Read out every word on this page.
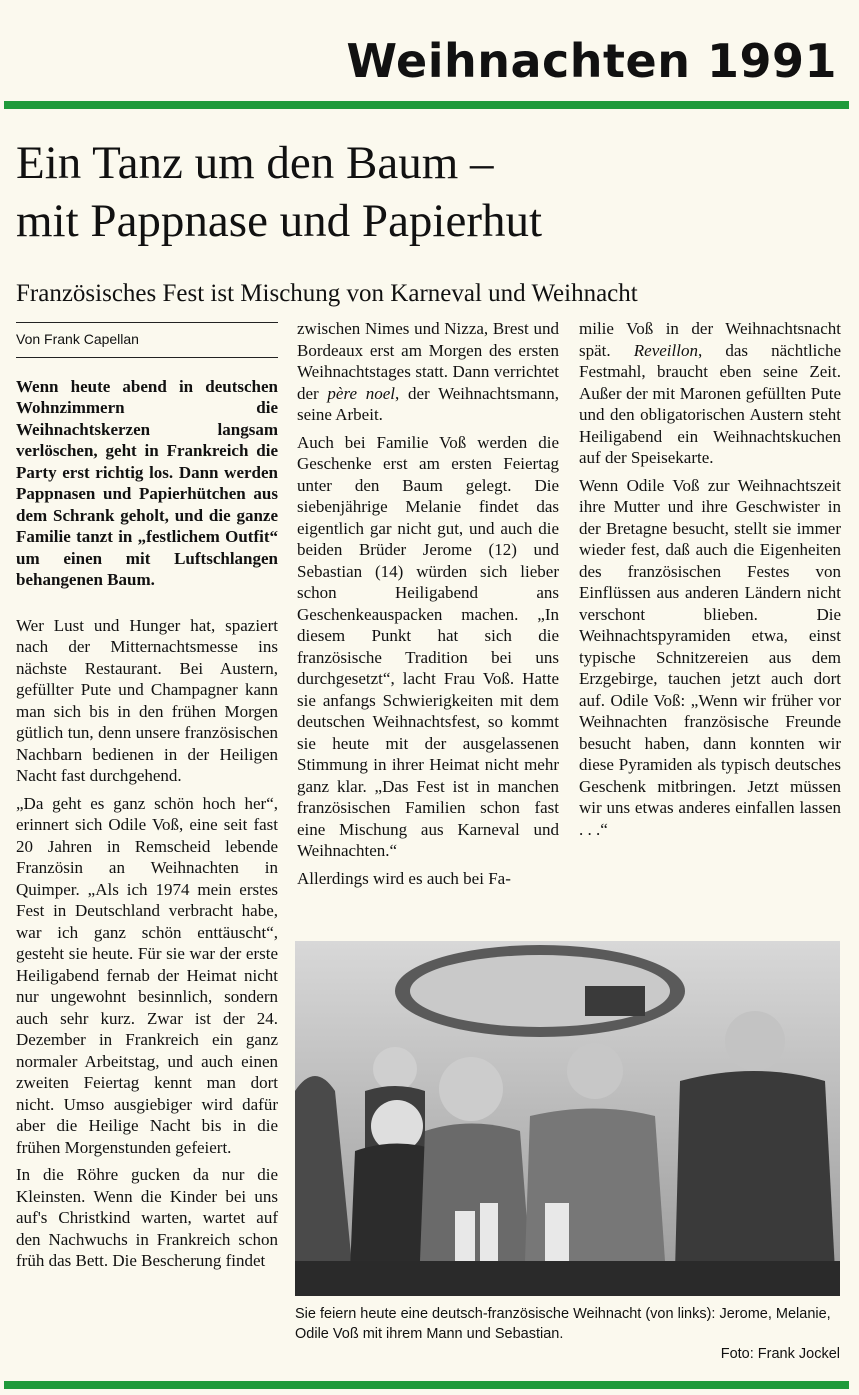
Weihnachten 1991
Ein Tanz um den Baum –
mit Pappnase und Papierhut
Französisches Fest ist Mischung von Karneval und Weihnacht
Von Frank Capellan

Wenn heute abend in deutschen Wohnzimmern die Weihnachtskerzen langsam verlöschen, geht in Frankreich die Party erst richtig los. Dann werden Pappnasen und Papierhütchen aus dem Schrank geholt, und die ganze Familie tanzt in „festlichem Outfit“ um einen mit Luftschlangen behangenen Baum.

Wer Lust und Hunger hat, spaziert nach der Mitternachtsmesse ins nächste Restaurant. Bei Austern, gefüllter Pute und Champagner kann man sich bis in den frühen Morgen gütlich tun, denn unsere französischen Nachbarn bedienen in der Heiligen Nacht fast durchgehend.

„Da geht es ganz schön hoch her“, erinnert sich Odile Voß, eine seit fast 20 Jahren in Remscheid lebende Französin an Weihnachten in Quimper. „Als ich 1974 mein erstes Fest in Deutschland verbracht habe, war ich ganz schön enttäuscht“, gesteht sie heute. Für sie war der erste Heiligabend fernab der Heimat nicht nur ungewohnt besinnlich, sondern auch sehr kurz. Zwar ist der 24. Dezember in Frankreich ein ganz normaler Arbeitstag, und auch einen zweiten Feiertag kennt man dort nicht. Umso ausgiebiger wird dafür aber die Heilige Nacht bis in die frühen Morgenstunden gefeiert.

In die Röhre gucken da nur die Kleinsten. Wenn die Kinder bei uns auf's Christkind warten, wartet auf den Nachwuchs in Frankreich schon früh das Bett. Die Bescherung findet

zwischen Nimes und Nizza, Brest und Bordeaux erst am Morgen des ersten Weihnachtstages statt. Dann verrichtet der père noel, der Weihnachtsmann, seine Arbeit.

Auch bei Familie Voß werden die Geschenke erst am ersten Feiertag unter den Baum gelegt. Die siebenjährige Melanie findet das eigentlich gar nicht gut, und auch die beiden Brüder Jerome (12) und Sebastian (14) würden sich lieber schon Heiligabend ans Geschenkeauspacken machen. „In diesem Punkt hat sich die französische Tradition bei uns durchgesetzt“, lacht Frau Voß. Hatte sie anfangs Schwierigkeiten mit dem deutschen Weihnachtsfest, so kommt sie heute mit der ausgelassenen Stimmung in ihrer Heimat nicht mehr ganz klar. „Das Fest ist in manchen französischen Familien schon fast eine Mischung aus Karneval und Weihnachten.“

Allerdings wird es auch bei Fa-

milie Voß in der Weihnachtsnacht spät. Reveillon, das nächtliche Festmahl, braucht eben seine Zeit. Außer der mit Maronen gefüllten Pute und den obligatorischen Austern steht Heiligabend ein Weihnachtskuchen auf der Speisekarte.

Wenn Odile Voß zur Weihnachtszeit ihre Mutter und ihre Geschwister in der Bretagne besucht, stellt sie immer wieder fest, daß auch die Eigenheiten des französischen Festes von Einflüssen aus anderen Ländern nicht verschont blieben. Die Weihnachtspyramiden etwa, einst typische Schnitzereien aus dem Erzgebirge, tauchen jetzt auch dort auf. Odile Voß: „Wenn wir früher vor Weihnachten französische Freunde besucht haben, dann konnten wir diese Pyramiden als typisch deutsches Geschenk mitbringen. Jetzt müssen wir uns etwas anderes einfallen lassen . . .“

Sie feiern heute eine deutsch-französische Weihnacht (von links): Jerome, Melanie, Odile Voß mit ihrem Mann und Sebastian.
Foto: Frank Jockel
